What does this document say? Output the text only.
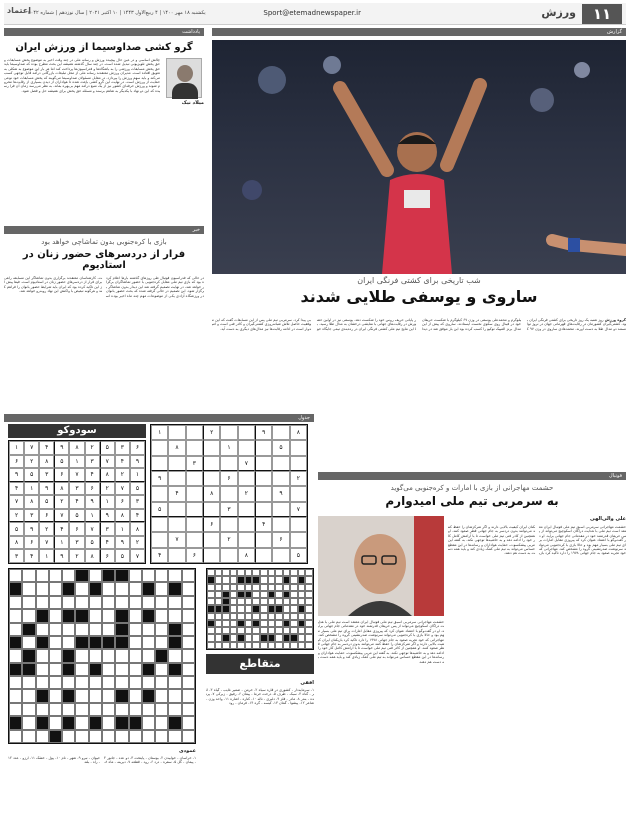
۱۱
ورزش
Sport@etemadnewspaper.ir
یکشنبه ۱۸ مهر ۱۴۰۰ | ۴ ربیع‌الاول ۱۴۴۳ | ۱۰ اکتبر ۲۰۲۱ | سال نوزدهم | شماره ۵۰۴۲
اعتماد
یادداشت
گرو کشی صداوسیما از ورزش ایران
میلاد نیک
چالش اساسی و در عین حال پیچیده ورزش و رسانه ملی در چند وقت اخیر به موضوع پخش مسابقات و حق پخش تلویزیونی تبدیل شده است. در چند سال گذشته همیشه این بحث مطرح بوده که صداوسیما باید حق پخش مسابقات ورزشی را به باشگاه‌ها و فدراسیون‌ها پرداخت کند اما هر بار این موضوع به شکلی به تعویق افتاده است. مدیران ورزش معتقدند رسانه ملی از محل تبلیغات بازرگانی درآمد قابل توجهی کسب می‌کند و باید سهم ورزش را بپردازد. در مقابل مسئولان صداوسیما می‌گویند که پخش مسابقات خود نوعی حمایت از ورزش است. در نهایت این گرو کشی باعث شده تا هواداران از دیدن بسیاری از رقابت‌ها محروم شوند و ورزش حرفه‌ای کشور نیز از یک منبع درآمد مهم بی‌بهره بماند. به نظر می‌رسد زمان آن فرا رسیده که این دو نهاد با یکدیگر به تفاهم برسند و مسئله حق پخش برای همیشه حل و فصل شود.
خبر
بازی با کره‌جنوبی بدون تماشاچی خواهد بود
فرار از دردسرهای حضور زنان در استادیوم
در حالی که فدراسیون فوتبال طی روزهای گذشته بارها اعلام کرده بود که بازی تیم ملی مقابل کره‌جنوبی با حضور تماشاگران برگزار خواهد شد، در نهایت تصمیم گرفته شد این دیدار بدون تماشاگر برگزار شود. این تصمیم در حالی گرفته شده که بحث حضور بانوان در ورزشگاه آزادی یکی از موضوعات مهم چند ماه اخیر بوده است. کارشناسان معتقدند برگزاری بدون تماشاگر این مسابقه راهی برای فرار از دردسرهای حضور زنان در استادیوم است. فیفا پیش از این تاکید کرده بود که ایران باید شرایط حضور بانوان را فراهم کند و هرگونه تبعیض با واکنش این نهاد روبه‌رو خواهد شد.
گزارش
شب تاریخی برای کشتی فرنگی ایران
ساروی و یوسفی طلایی شدند
گروه ورزش روز شنبه یک روز تاریخی برای کشتی فرنگی ایران بود. کشتی‌گیران کشورمان در رقابت‌های قهرمانی جهان در نروژ توانستند دو مدال طلا به دست آورند. محمدهادی ساروی در وزن ۹۷ کیلوگرم و محمدعلی یوسفی در وزن ۶۷ کیلوگرم با شکست حریفان خود در فینال روی سکوی نخست ایستادند. ساروی که پیش از این مدال برنز المپیک توکیو را کسب کرده بود این بار موفق شد در دیدار پایانی حریف روس خود را شکست دهد. یوسفی نیز در اولین حضورش در رقابت‌های جهانی با نمایشی درخشان به مدال طلا رسید. با این نتایج تیم ملی کشتی فرنگی ایران در رده‌بندی تیمی جایگاه خوبی پیدا کرد. سرمربی تیم ملی پس از این مسابقات گفت که این موفقیت حاصل تلاش شبانه‌روزی کشتی‌گیران و کادر فنی است و امیدوار است در ادامه رقابت‌ها نیز مدال‌های دیگری به دست آید.
فوتبال
حشمت مهاجرانی از بازی با امارات و کره‌جنوبی می‌گوید
به سرمربی تیم ملی امیدوارم
علی والی‌الهی
حشمت مهاجرانی سرمربی اسبق تیم ملی فوتبال ایران معتقد است تیم ملی با هدایت دراگان اسکوچیچ می‌تواند از پس حریفان قدرتمند خود در مقدماتی جام جهانی برآید. او در گفت‌وگو با اعتماد عنوان کرد که پیروزی مقابل امارات برای تیم ملی بسیار مهم بود و حالا بازی با کره‌جنوبی می‌تواند سرنوشت صدرنشینی گروه را مشخص کند. مهاجرانی که خود تجربه صعود به جام جهانی ۱۹۷۸ را دارد تاکید کرد بازیکنان ایران کیفیت بالایی دارند و اگر تمرکزشان را حفظ کنند می‌توانند بدون دردسر به جام جهانی قطر صعود کنند. او همچنین از کادر فنی تیم ملی خواست تا با آرامش کامل کار خود را ادامه دهد و به حاشیه‌ها توجهی نکند. به گفته این مربی پیشکسوت، حمایت هواداران و رسانه‌ها در این مقطع حساس می‌تواند به تیم ملی کمک زیادی کند و باید همه دست به دست هم دهند.
حشمت مهاجرانی سرمربی اسبق تیم ملی فوتبال ایران معتقد است تیم ملی با هدایت دراگان اسکوچیچ می‌تواند از پس حریفان قدرتمند خود در مقدماتی جام جهانی برآید. او در گفت‌وگو با اعتماد عنوان کرد که پیروزی مقابل امارات برای تیم ملی بسیار مهم بود و حالا بازی با کره‌جنوبی می‌تواند سرنوشت صدرنشینی گروه را مشخص کند. مهاجرانی که خود تجربه صعود به جام جهانی ۱۹۷۸ را دارد تاکید کرد بازیکنان ایران کیفیت بالایی دارند و اگر تمرکزشان را حفظ کنند می‌توانند بدون دردسر به جام جهانی قطر صعود کنند. او همچنین از کادر فنی تیم ملی خواست تا با آرامش کامل کار خود را ادامه دهد و به حاشیه‌ها توجهی نکند. به گفته این مربی پیشکسوت، حمایت هواداران و رسانه‌ها در این مقطع حساس می‌تواند به تیم ملی کمک زیادی کند و باید همه دست به دست هم دهند.
جدول
۸
۹
۲
۱
۵
۱
۸
۷
۳
۲
۶
۹
۹
۲
۸
۴
۷
۳
۵
۴
۶
۶
۲
۷
۵
۸
۶
۴
سودوکو
۶
۳
۵
۲
۸
۹
۴
۷
۱
۹
۴
۷
۳
۱
۵
۸
۲
۶
۱
۲
۸
۴
۷
۶
۳
۵
۹
۵
۷
۲
۶
۳
۸
۹
۱
۴
۳
۶
۱
۹
۴
۲
۵
۸
۷
۴
۸
۹
۱
۵
۷
۶
۳
۲
۸
۱
۳
۷
۶
۴
۲
۹
۵
۲
۹
۴
۵
۳
۱
۷
۶
۸
۷
۵
۶
۸
۲
۹
۱
۴
۳
متقاطع
افقی
۱- سرمایه‌دار - کشوری در قاره سیاه ۲- خرمن - ضمیر غایب - گیاه ۳- اثر - گناه ۴- سبک - طرف ۵- درخت خرما - پیمان ۶- رفیق - زیرکی ۷- پرنده - بندر ۸- مادر - فلز ۹- دلیری - ناله ۱۰- کناره - اشاره ۱۱- واحد وزن - شاعر ۱۲- پیشوا - گمان ۱۳- کیسه - گره ۱۴- فرمان - رود
عمودی
۱- خراسان - خوابیدن ۲- بوستان - پایتخت ۳- دو عدد - جانور ۴- پیمان - گل ۵- سفره - درد ۶- رود - قطعه ۷- دیرینه - ماه ۸- حیوان - نیرو ۹- شهر - نام ۱۰- پول - خشک ۱۱- آرزو - عدد ۱۲- راه - بلند
